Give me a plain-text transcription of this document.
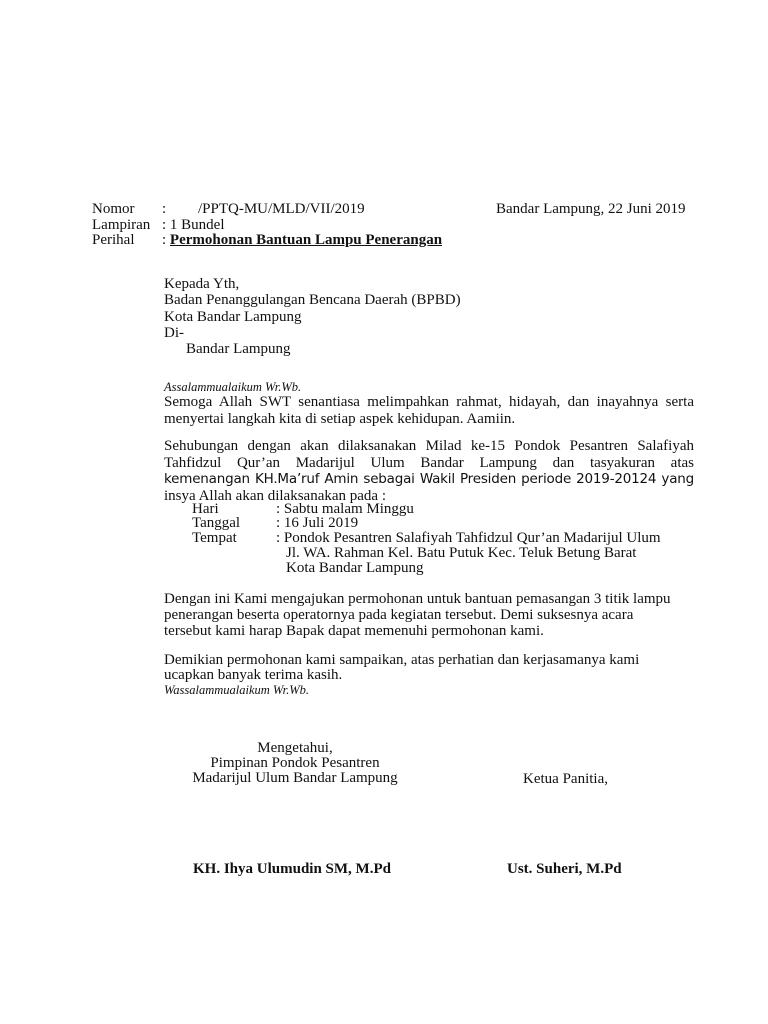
Nomor : /PPTQ-MU/MLD/VII/2019	Bandar Lampung, 22 Juni 2019
Lampiran : 1 Bundel
Perihal : Permohonan Bantuan Lampu Penerangan
Kepada Yth,
Badan Penanggulangan Bencana Daerah (BPBD)
Kota Bandar Lampung
Di-
Bandar Lampung
Assalammualaikum Wr.Wb.
Semoga Allah SWT senantiasa melimpahkan rahmat, hidayah, dan inayahnya serta
menyertai langkah kita di setiap aspek kehidupan. Aamiin.
Sehubungan dengan akan dilaksanakan Milad ke-15 Pondok Pesantren Salafiyah
Tahfidzul Qur’an Madarijul Ulum Bandar Lampung dan tasyakuran atas
kemenangan KH.Ma’ruf Amin sebagai Wakil Presiden periode 2019-20124 yang
insya Allah akan dilaksanakan pada :
Hari	: Sabtu malam Minggu
Tanggal : 16 Juli 2019
Tempat	: Pondok Pesantren Salafiyah Tahfidzul Qur’an Madarijul Ulum
Jl. WA. Rahman Kel. Batu Putuk Kec. Teluk Betung Barat
Kota Bandar Lampung
Dengan ini Kami mengajukan permohonan untuk bantuan pemasangan 3 titik lampu
penerangan beserta operatornya pada kegiatan tersebut. Demi suksesnya acara
tersebut kami harap Bapak dapat memenuhi permohonan kami.
Demikian permohonan kami sampaikan, atas perhatian dan kerjasamanya kami
ucapkan banyak terima kasih.
Wassalammualaikum Wr.Wb.
Mengetahui,
Pimpinan Pondok Pesantren
Madarijul Ulum Bandar Lampung	Ketua Panitia,
KH. Ihya Ulumudin SM, M.Pd	Ust. Suheri, M.Pd
